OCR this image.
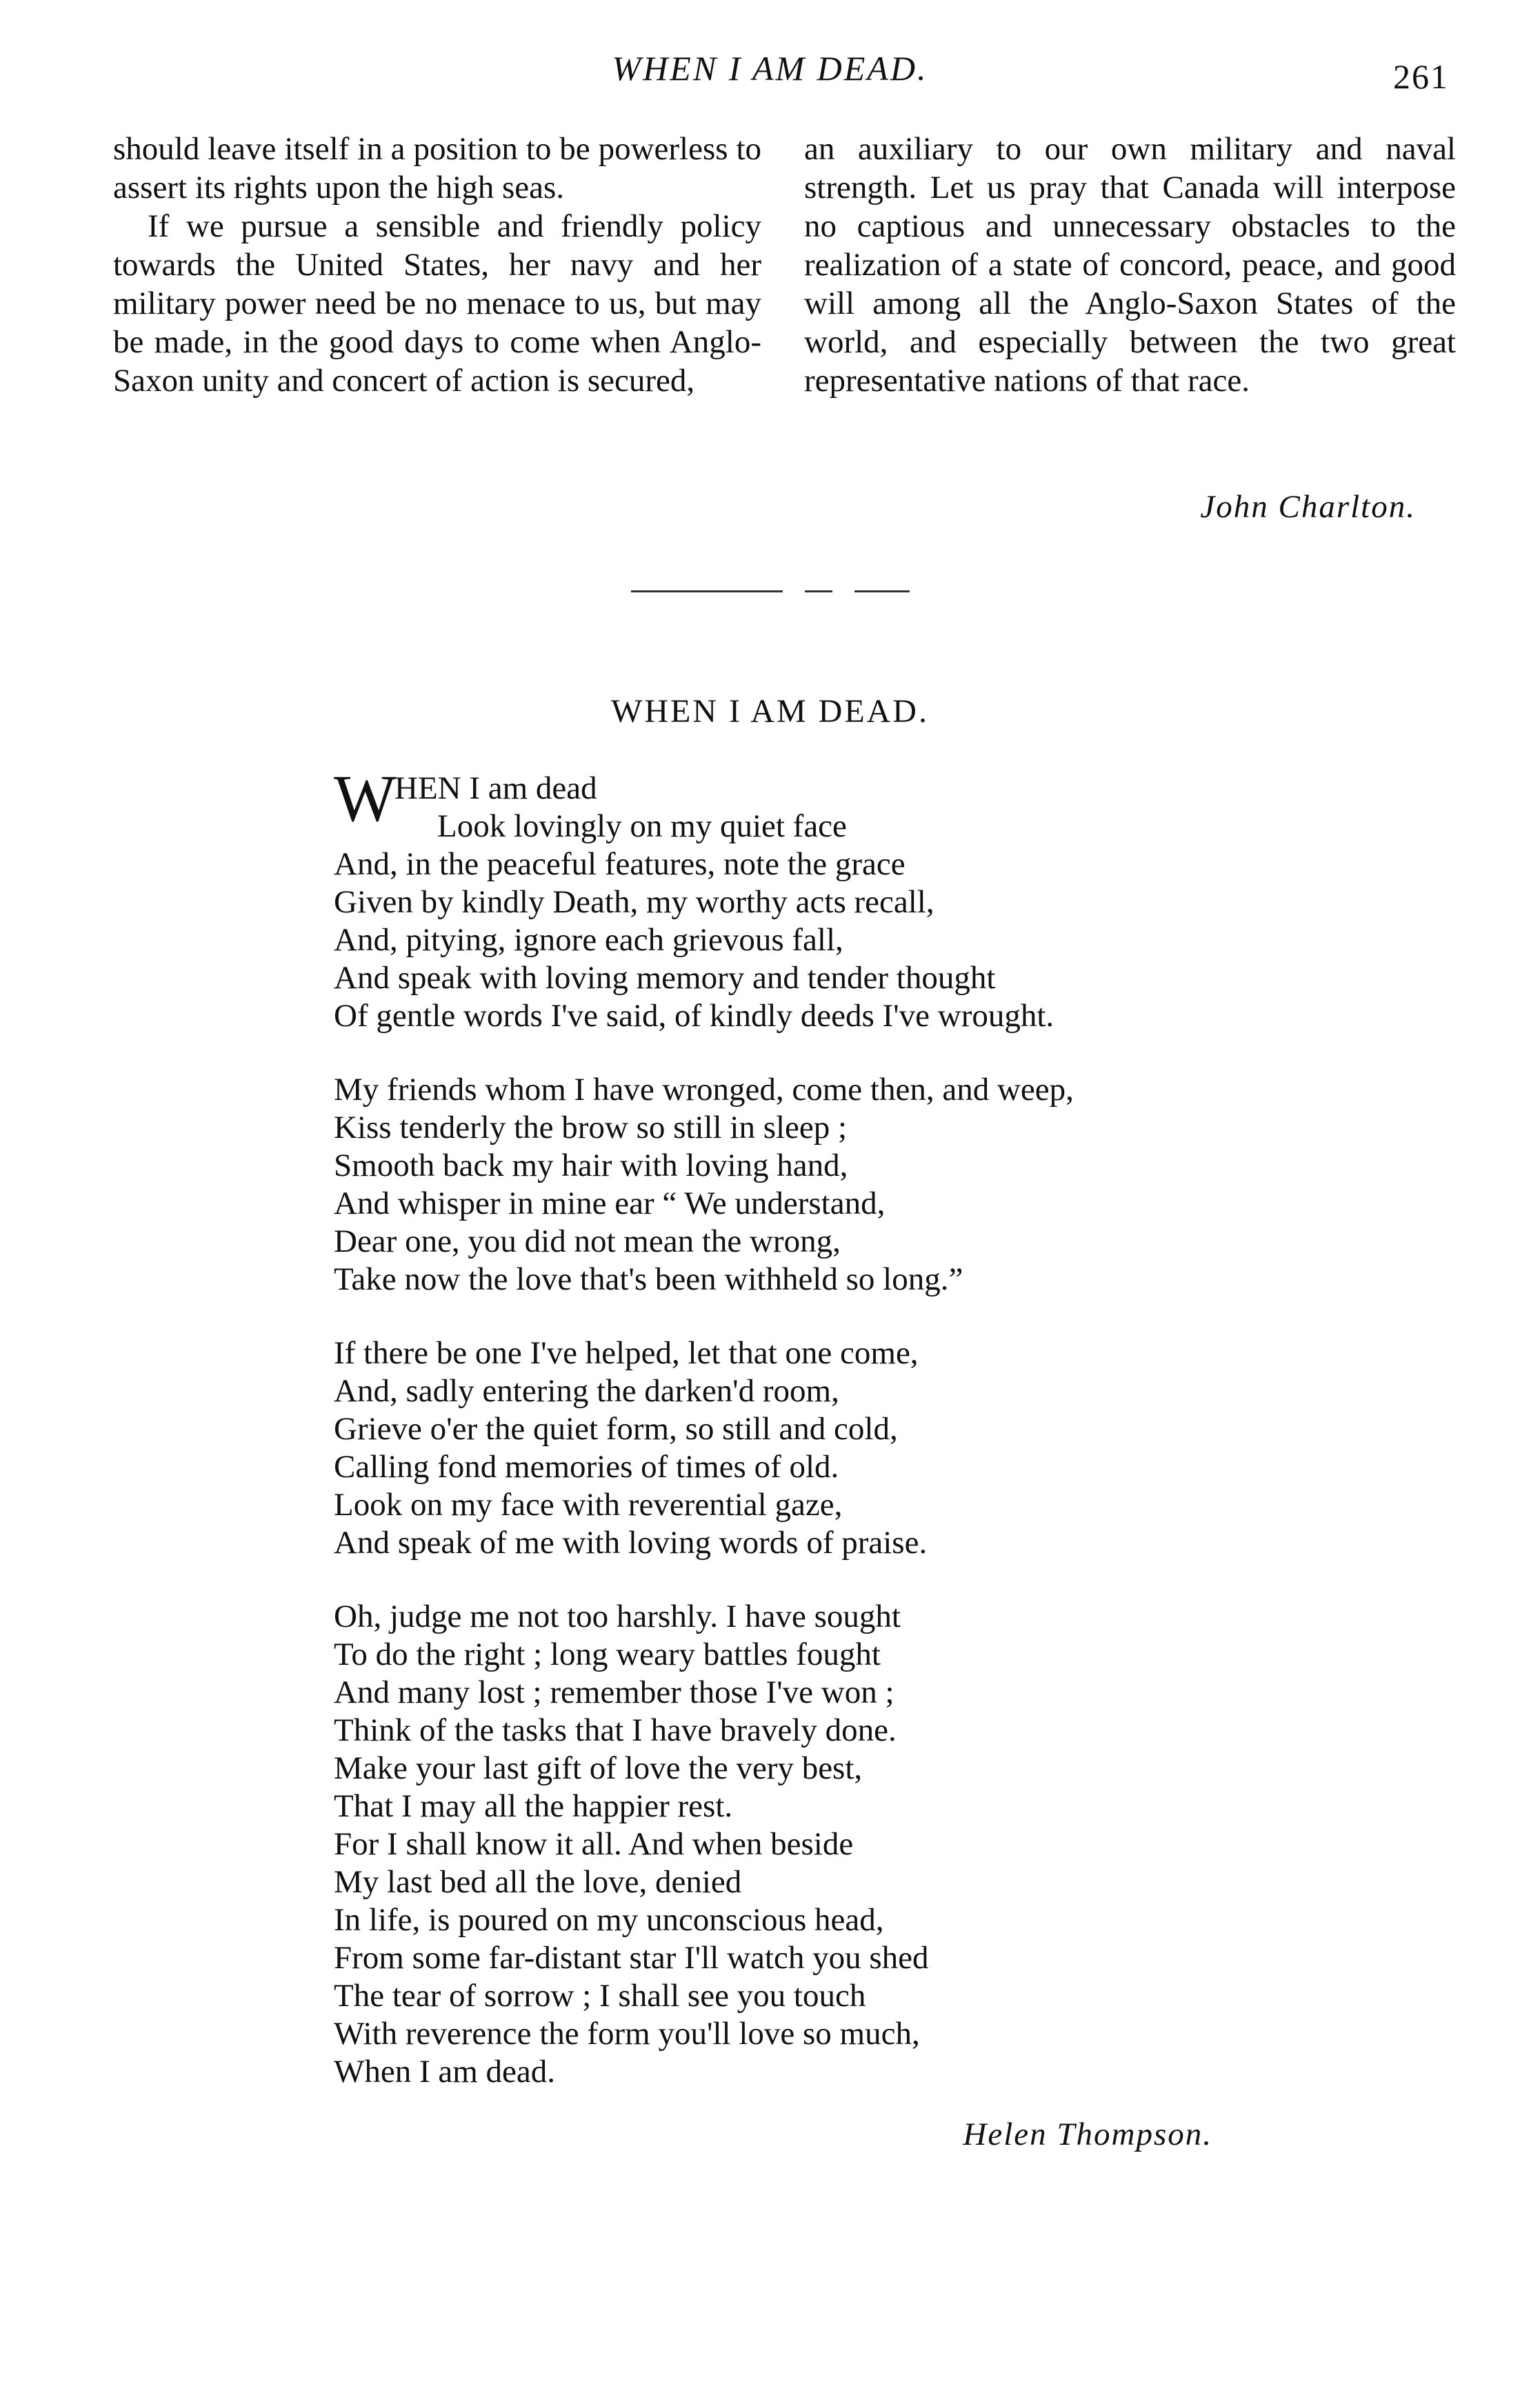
WHEN I AM DEAD.	261

should leave itself in a position to be powerless to assert its rights upon the high seas.

If we pursue a sensible and friendly policy towards the United States, her navy and her military power need be no menace to us, but may be made, in the good days to come when Anglo-Saxon unity and concert of action is secured,

an auxiliary to our own military and naval strength. Let us pray that Canada will interpose no captious and unnecessary obstacles to the realization of a state of concord, peace, and good will among all the Anglo-Saxon States of the world, and especially between the two great representative nations of that race.

John Charlton.

WHEN I AM DEAD.
W
HEN I am dead
Look lovingly on my quiet face
And, in the peaceful features, note the grace
Given by kindly Death, my worthy acts recall,
And, pitying, ignore each grievous fall,
And speak with loving memory and tender thought
Of gentle words I've said, of kindly deeds I've wrought.
My friends whom I have wronged, come then, and weep,
Kiss tenderly the brow so still in sleep ;
Smooth back my hair with loving hand,
And whisper in mine ear “ We understand,
Dear one, you did not mean the wrong,
Take now the love that's been withheld so long.”
If there be one I've helped, let that one come,
And, sadly entering the darken'd room,
Grieve o'er the quiet form, so still and cold,
Calling fond memories of times of old.
Look on my face with reverential gaze,
And speak of me with loving words of praise.
Oh, judge me not too harshly. I have sought
To do the right ; long weary battles fought
And many lost ; remember those I've won ;
Think of the tasks that I have bravely done.
Make your last gift of love the very best,
That I may all the happier rest.
For I shall know it all. And when beside
My last bed all the love, denied
In life, is poured on my unconscious head,
From some far-distant star I'll watch you shed
The tear of sorrow ; I shall see you touch
With reverence the form you'll love so much,
When I am dead.
Helen Thompson.
